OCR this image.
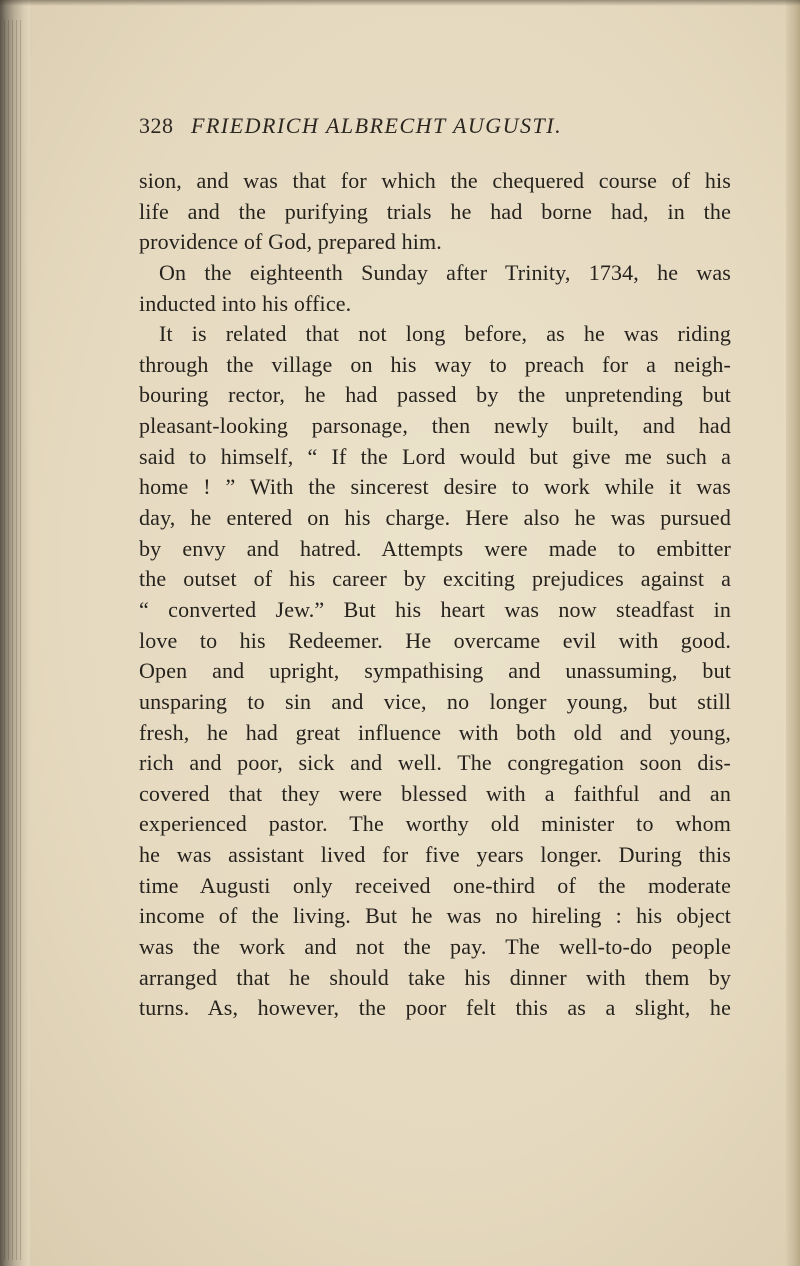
328 FRIEDRICH ALBRECHT AUGUSTI.
sion, and was that for which the chequered course of his
life and the purifying trials he had borne had, in the
providence of God, prepared him.
On the eighteenth Sunday after Trinity, 1734, he was
inducted into his office.
It is related that not long before, as he was riding
through the village on his way to preach for a neigh-
bouring rector, he had passed by the unpretending but
pleasant-looking parsonage, then newly built, and had
said to himself, “ If the Lord would but give me such a
home ! ” With the sincerest desire to work while it was
day, he entered on his charge. Here also he was pursued
by envy and hatred. Attempts were made to embitter
the outset of his career by exciting prejudices against a
“ converted Jew.” But his heart was now steadfast in
love to his Redeemer. He overcame evil with good.
Open and upright, sympathising and unassuming, but
unsparing to sin and vice, no longer young, but still
fresh, he had great influence with both old and young,
rich and poor, sick and well. The congregation soon dis-
covered that they were blessed with a faithful and an
experienced pastor. The worthy old minister to whom
he was assistant lived for five years longer. During this
time Augusti only received one-third of the moderate
income of the living. But he was no hireling : his object
was the work and not the pay. The well-to-do people
arranged that he should take his dinner with them by
turns. As, however, the poor felt this as a slight, he
